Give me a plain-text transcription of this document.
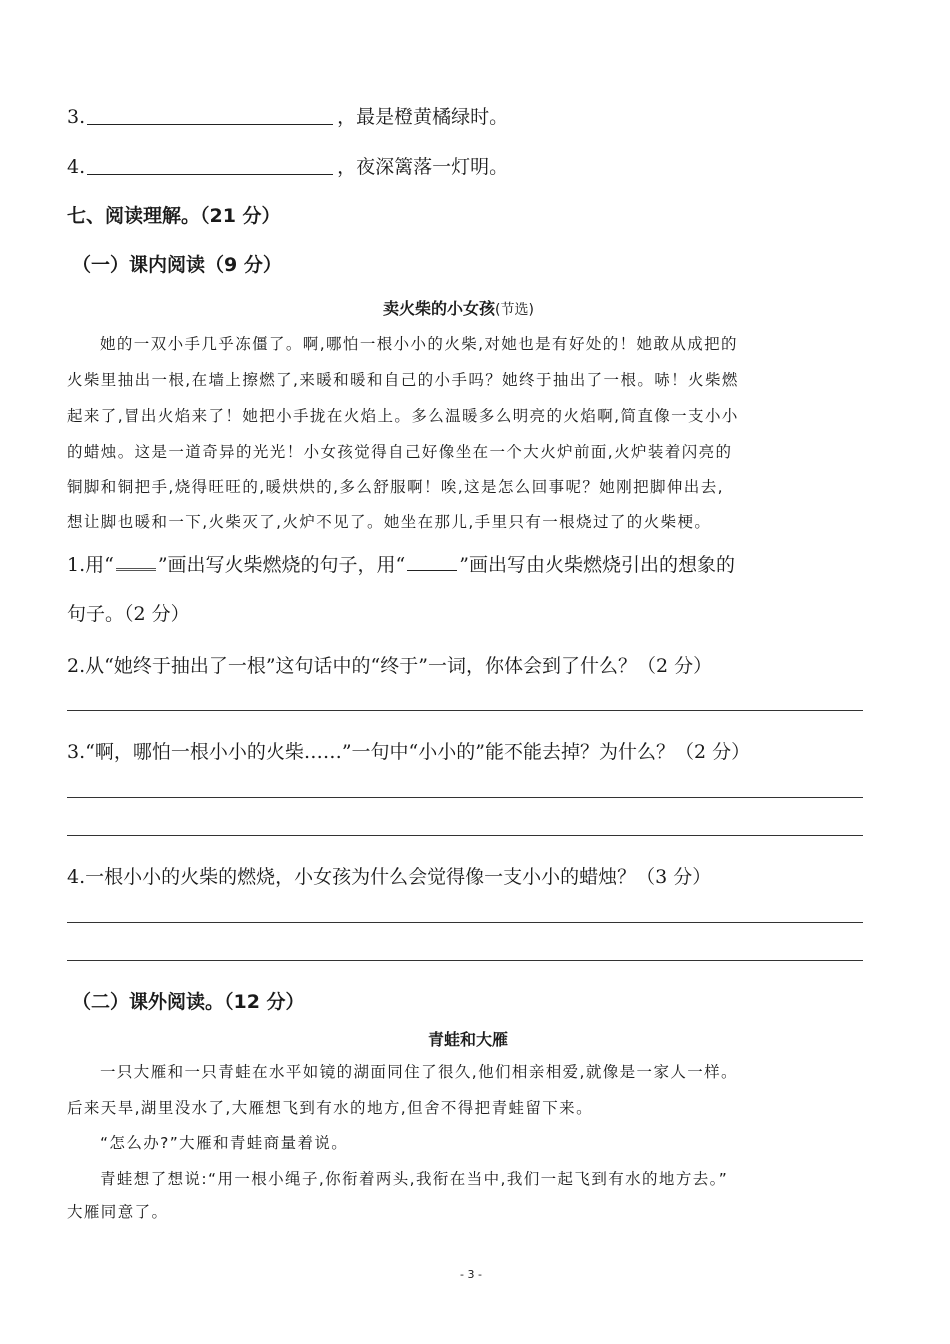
3.	，最是橙黄橘绿时。
4.	，夜深篱落一灯明。
七、阅读理解。（21 分）
（一）课内阅读（9 分）
卖火柴的小女孩(节选)
她的一双小手几乎冻僵了。啊,哪怕一根小小的火柴,对她也是有好处的！她敢从成把的
火柴里抽出一根,在墙上擦燃了,来暖和暖和自己的小手吗？她终于抽出了一根。哧！火柴燃
起来了,冒出火焰来了！她把小手拢在火焰上。多么温暖多么明亮的火焰啊,简直像一支小小
的蜡烛。这是一道奇异的光光！小女孩觉得自己好像坐在一个大火炉前面,火炉装着闪亮的
铜脚和铜把手,烧得旺旺的,暖烘烘的,多么舒服啊！唉,这是怎么回事呢？她刚把脚伸出去,
想让脚也暖和一下,火柴灭了,火炉不见了。她坐在那儿,手里只有一根烧过了的火柴梗。
1.用“ ”画出写火柴燃烧的句子，用“	”画出写由火柴燃烧引出的想象的
句子。（2 分）
2.从“她终于抽出了一根”这句话中的“终于”一词，你体会到了什么？（2 分）
3.“啊，哪怕一根小小的火柴……”一句中“小小的”能不能去掉？为什么？（2 分）
4.一根小小的火柴的燃烧，小女孩为什么会觉得像一支小小的蜡烛？（3 分）
（二）课外阅读。（12 分）
青蛙和大雁
一只大雁和一只青蛙在水平如镜的湖面同住了很久,他们相亲相爱,就像是一家人一样。
后来天旱,湖里没水了,大雁想飞到有水的地方,但舍不得把青蛙留下来。
“怎么办?”大雁和青蛙商量着说。
青蛙想了想说:“用一根小绳子,你衔着两头,我衔在当中,我们一起飞到有水的地方去。”
大雁同意了。
- 3 -
